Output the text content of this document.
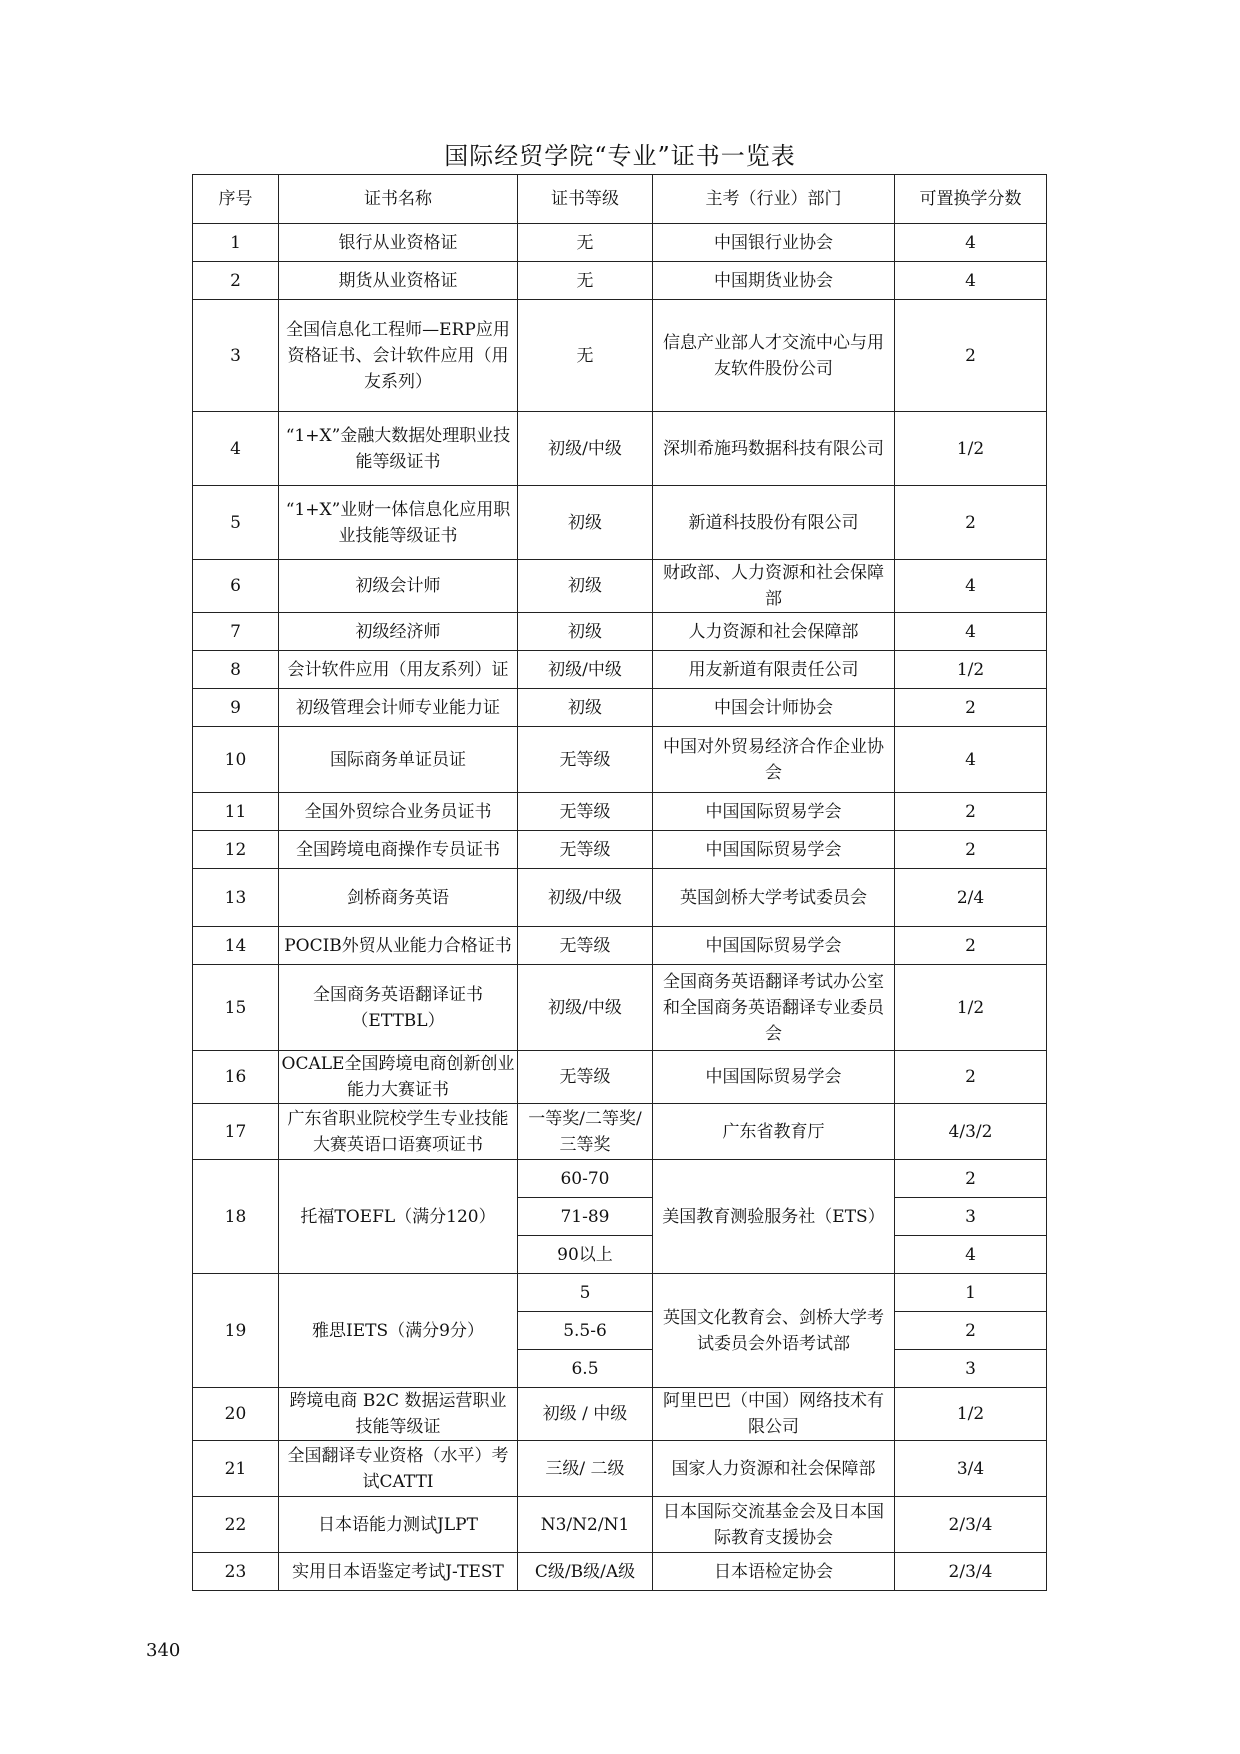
国际经贸学院“专业”证书一览表
序号	证书名称	证书等级	主考（行业）部门	可置换学分数
1	银行从业资格证	无	中国银行业协会	4
2	期货从业资格证	无	中国期货业协会	4
3	全国信息化工程师—ERP应用资格证书、会计软件应用（用友系列）	无	信息产业部人才交流中心与用友软件股份公司	2
4	“1+X”金融大数据处理职业技能等级证书	初级/中级	深圳希施玛数据科技有限公司	1/2
5	“1+X”业财一体信息化应用职业技能等级证书	初级	新道科技股份有限公司	2
6	初级会计师	初级	财政部、人力资源和社会保障部	4
7	初级经济师	初级	人力资源和社会保障部	4
8	会计软件应用（用友系列）证	初级/中级	用友新道有限责任公司	1/2
9	初级管理会计师专业能力证	初级	中国会计师协会	2
10	国际商务单证员证	无等级	中国对外贸易经济合作企业协会	4
11	全国外贸综合业务员证书	无等级	中国国际贸易学会	2
12	全国跨境电商操作专员证书	无等级	中国国际贸易学会	2
13	剑桥商务英语	初级/中级	英国剑桥大学考试委员会	2/4
14	POCIB外贸从业能力合格证书	无等级	中国国际贸易学会	2
15	全国商务英语翻译证书（ETTBL）	初级/中级	全国商务英语翻译考试办公室和全国商务英语翻译专业委员会	1/2
16	OCALE全国跨境电商创新创业能力大赛证书	无等级	中国国际贸易学会	2
17	广东省职业院校学生专业技能大赛英语口语赛项证书	一等奖/二等奖/三等奖	广东省教育厅	4/3/2
18	托福TOEFL（满分120）	60-70	美国教育测验服务社（ETS）	2
		71-89		3
		90以上		4
19	雅思IETS（满分9分）	5	英国文化教育会、剑桥大学考试委员会外语考试部	1
		5.5-6		2
		6.5		3
20	跨境电商 B2C 数据运营职业技能等级证	初级 / 中级	阿里巴巴（中国）网络技术有限公司	1/2
21	全国翻译专业资格（水平）考试CATTI	三级/ 二级	国家人力资源和社会保障部	3/4
22	日本语能力测试JLPT	N3/N2/N1	日本国际交流基金会及日本国际教育支援协会	2/3/4
23	实用日本语鉴定考试J-TEST	C级/B级/A级	日本语检定协会	2/3/4
340
